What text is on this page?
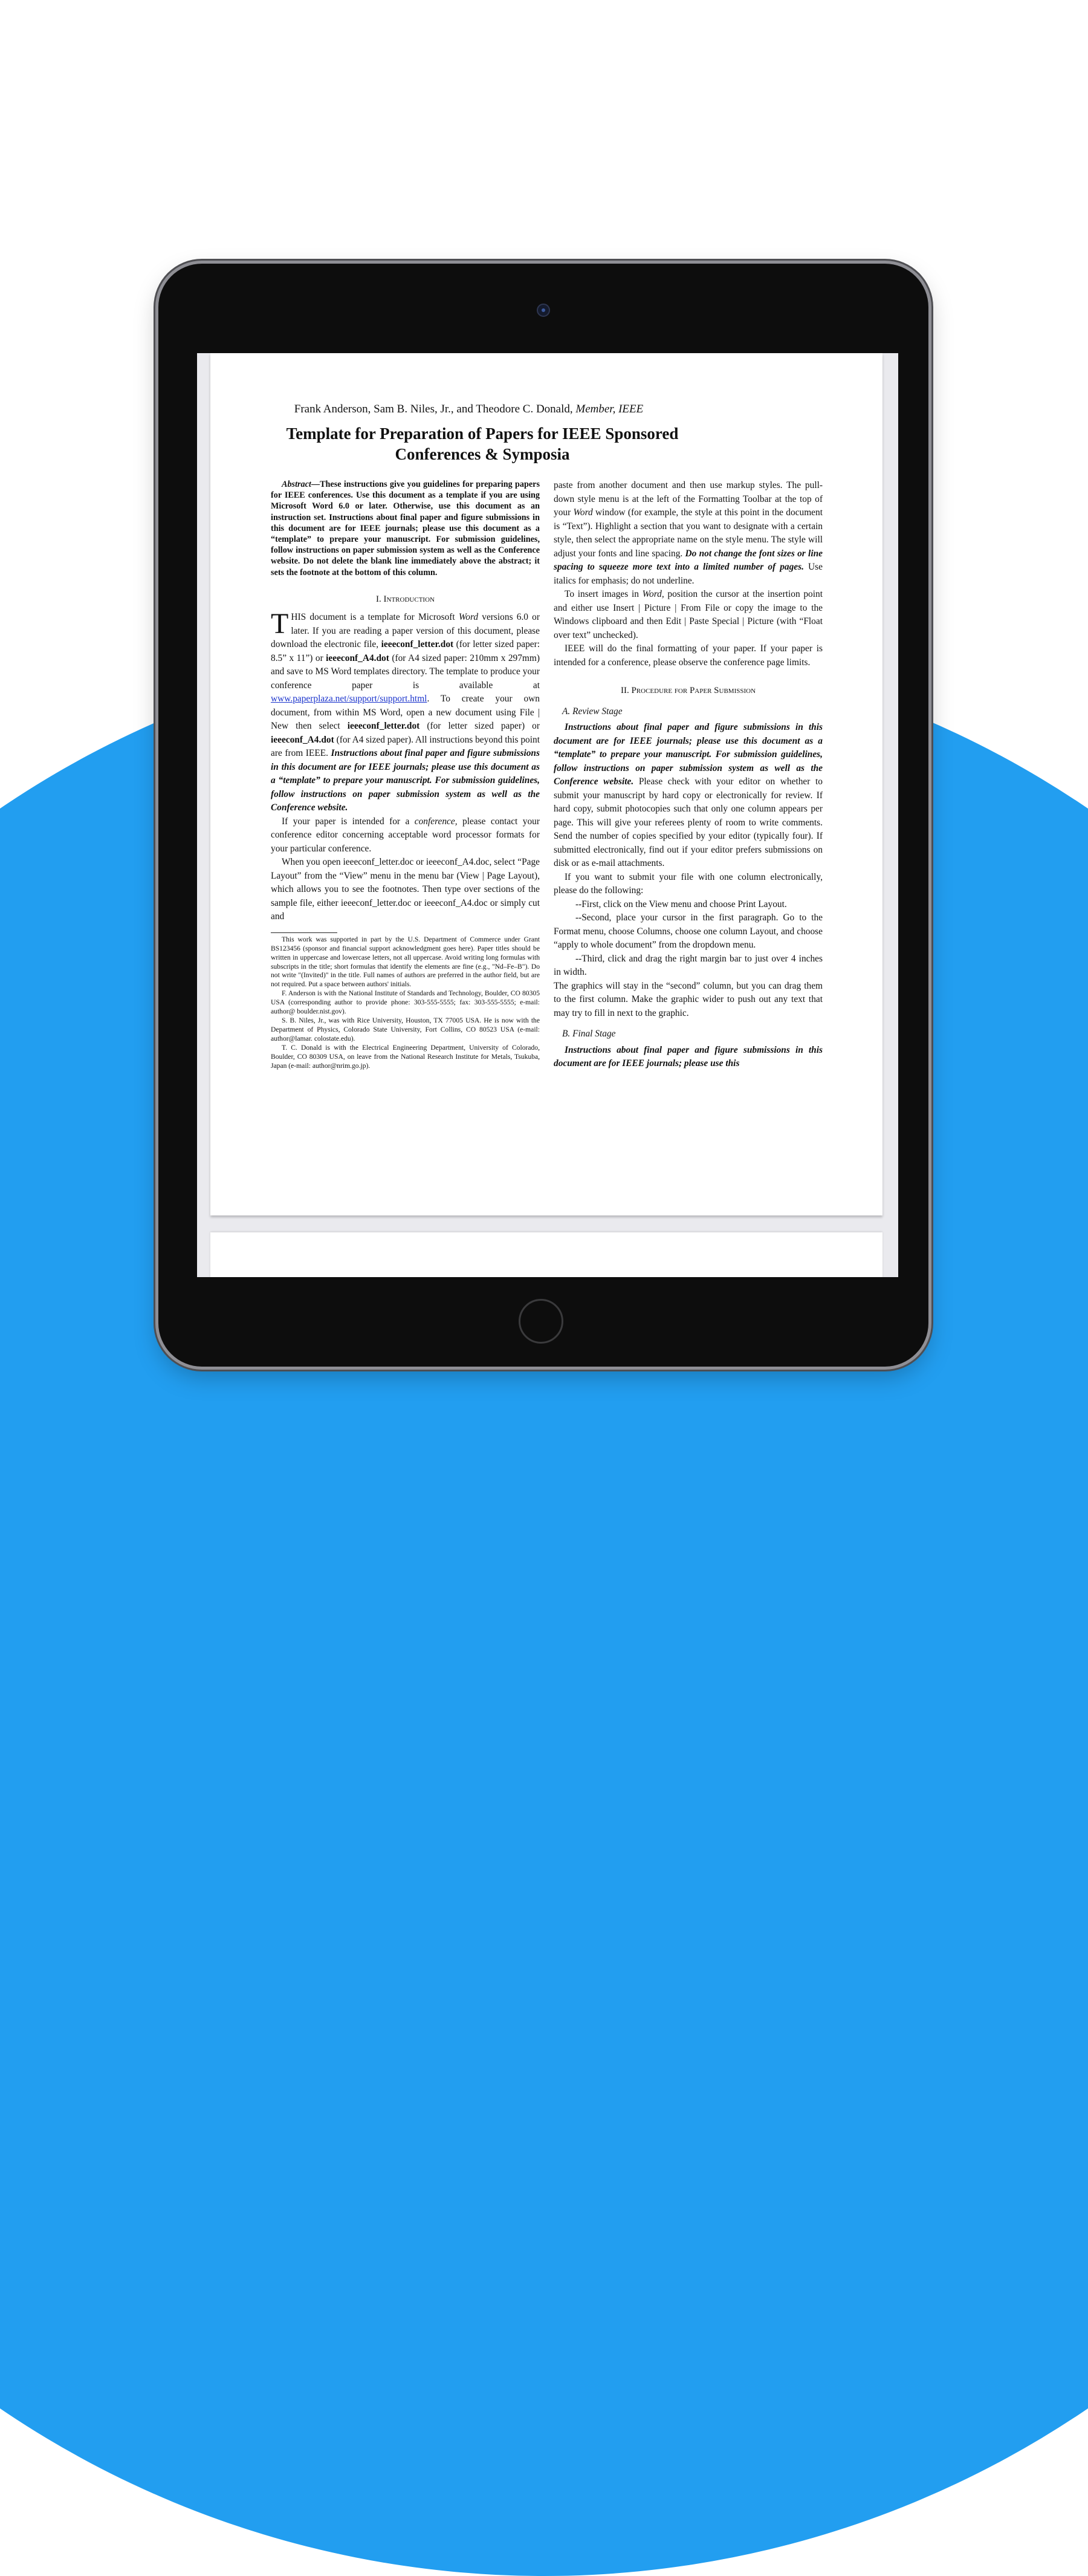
Frank Anderson, Sam B. Niles, Jr., and Theodore C. Donald, Member, IEEE

Template for Preparation of Papers for IEEE Sponsored
Conferences & Symposia

Abstract—These instructions give you guidelines for preparing papers for IEEE conferences. Use this document as a template if you are using Microsoft Word 6.0 or later. Otherwise, use this document as an instruction set. Instructions about final paper and figure submissions in this document are for IEEE journals; please use this document as a “template” to prepare your manuscript. For submission guidelines, follow instructions on paper submission system as well as the Conference website. Do not delete the blank line immediately above the abstract; it sets the footnote at the bottom of this column.

I. Introduction

THIS document is a template for Microsoft Word versions 6.0 or later. If you are reading a paper version of this document, please download the electronic file, ieeeconf_letter.dot (for letter sized paper: 8.5” x 11”) or ieeeconf_A4.dot (for A4 sized paper: 210mm x 297mm) and save to MS Word templates directory. The template to produce your conference paper is available at www.paperplaza.net/support/support.html. To create your own document, from within MS Word, open a new document using File | New then select ieeeconf_letter.dot (for letter sized paper) or ieeeconf_A4.dot (for A4 sized paper). All instructions beyond this point are from IEEE. Instructions about final paper and figure submissions in this document are for IEEE journals; please use this document as a “template” to prepare your manuscript. For submission guidelines, follow instructions on paper submission system as well as the Conference website.

If your paper is intended for a conference, please contact your conference editor concerning acceptable word processor formats for your particular conference.

When you open ieeeconf_letter.doc or ieeeconf_A4.doc, select “Page Layout” from the “View” menu in the menu bar (View | Page Layout), which allows you to see the footnotes. Then type over sections of the sample file, either ieeeconf_letter.doc or ieeeconf_A4.doc or simply cut and

This work was supported in part by the U.S. Department of Commerce under Grant BS123456 (sponsor and financial support acknowledgment goes here). Paper titles should be written in uppercase and lowercase letters, not all uppercase. Avoid writing long formulas with subscripts in the title; short formulas that identify the elements are fine (e.g., "Nd–Fe–B"). Do not write "(Invited)" in the title. Full names of authors are preferred in the author field, but are not required. Put a space between authors' initials.

F. Anderson is with the National Institute of Standards and Technology, Boulder, CO 80305 USA (corresponding author to provide phone: 303-555-5555; fax: 303-555-5555; e-mail: author@ boulder.nist.gov).

S. B. Niles, Jr., was with Rice University, Houston, TX 77005 USA. He is now with the Department of Physics, Colorado State University, Fort Collins, CO 80523 USA (e-mail: author@lamar. colostate.edu).

T. C. Donald is with the Electrical Engineering Department, University of Colorado, Boulder, CO 80309 USA, on leave from the National Research Institute for Metals, Tsukuba, Japan (e-mail: author@nrim.go.jp).

paste from another document and then use markup styles. The pull-down style menu is at the left of the Formatting Toolbar at the top of your Word window (for example, the style at this point in the document is “Text”). Highlight a section that you want to designate with a certain style, then select the appropriate name on the style menu. The style will adjust your fonts and line spacing. Do not change the font sizes or line spacing to squeeze more text into a limited number of pages. Use italics for emphasis; do not underline.

To insert images in Word, position the cursor at the insertion point and either use Insert | Picture | From File or copy the image to the Windows clipboard and then Edit | Paste Special | Picture (with “Float over text” unchecked).

IEEE will do the final formatting of your paper. If your paper is intended for a conference, please observe the conference page limits.

II. Procedure for Paper Submission
A. Review Stage

Instructions about final paper and figure submissions in this document are for IEEE journals; please use this document as a “template” to prepare your manuscript. For submission guidelines, follow instructions on paper submission system as well as the Conference website. Please check with your editor on whether to submit your manuscript by hard copy or electronically for review. If hard copy, submit photocopies such that only one column appears per page. This will give your referees plenty of room to write comments. Send the number of copies specified by your editor (typically four). If submitted electronically, find out if your editor prefers submissions on disk or as e-mail attachments.

If you want to submit your file with one column electronically, please do the following:

--First, click on the View menu and choose Print Layout.

--Second, place your cursor in the first paragraph. Go to the Format menu, choose Columns, choose one column Layout, and choose “apply to whole document” from the dropdown menu.

--Third, click and drag the right margin bar to just over 4 inches in width.

The graphics will stay in the “second” column, but you can drag them to the first column. Make the graphic wider to push out any text that may try to fill in next to the graphic.

B. Final Stage

Instructions about final paper and figure submissions in this document are for IEEE journals; please use this
